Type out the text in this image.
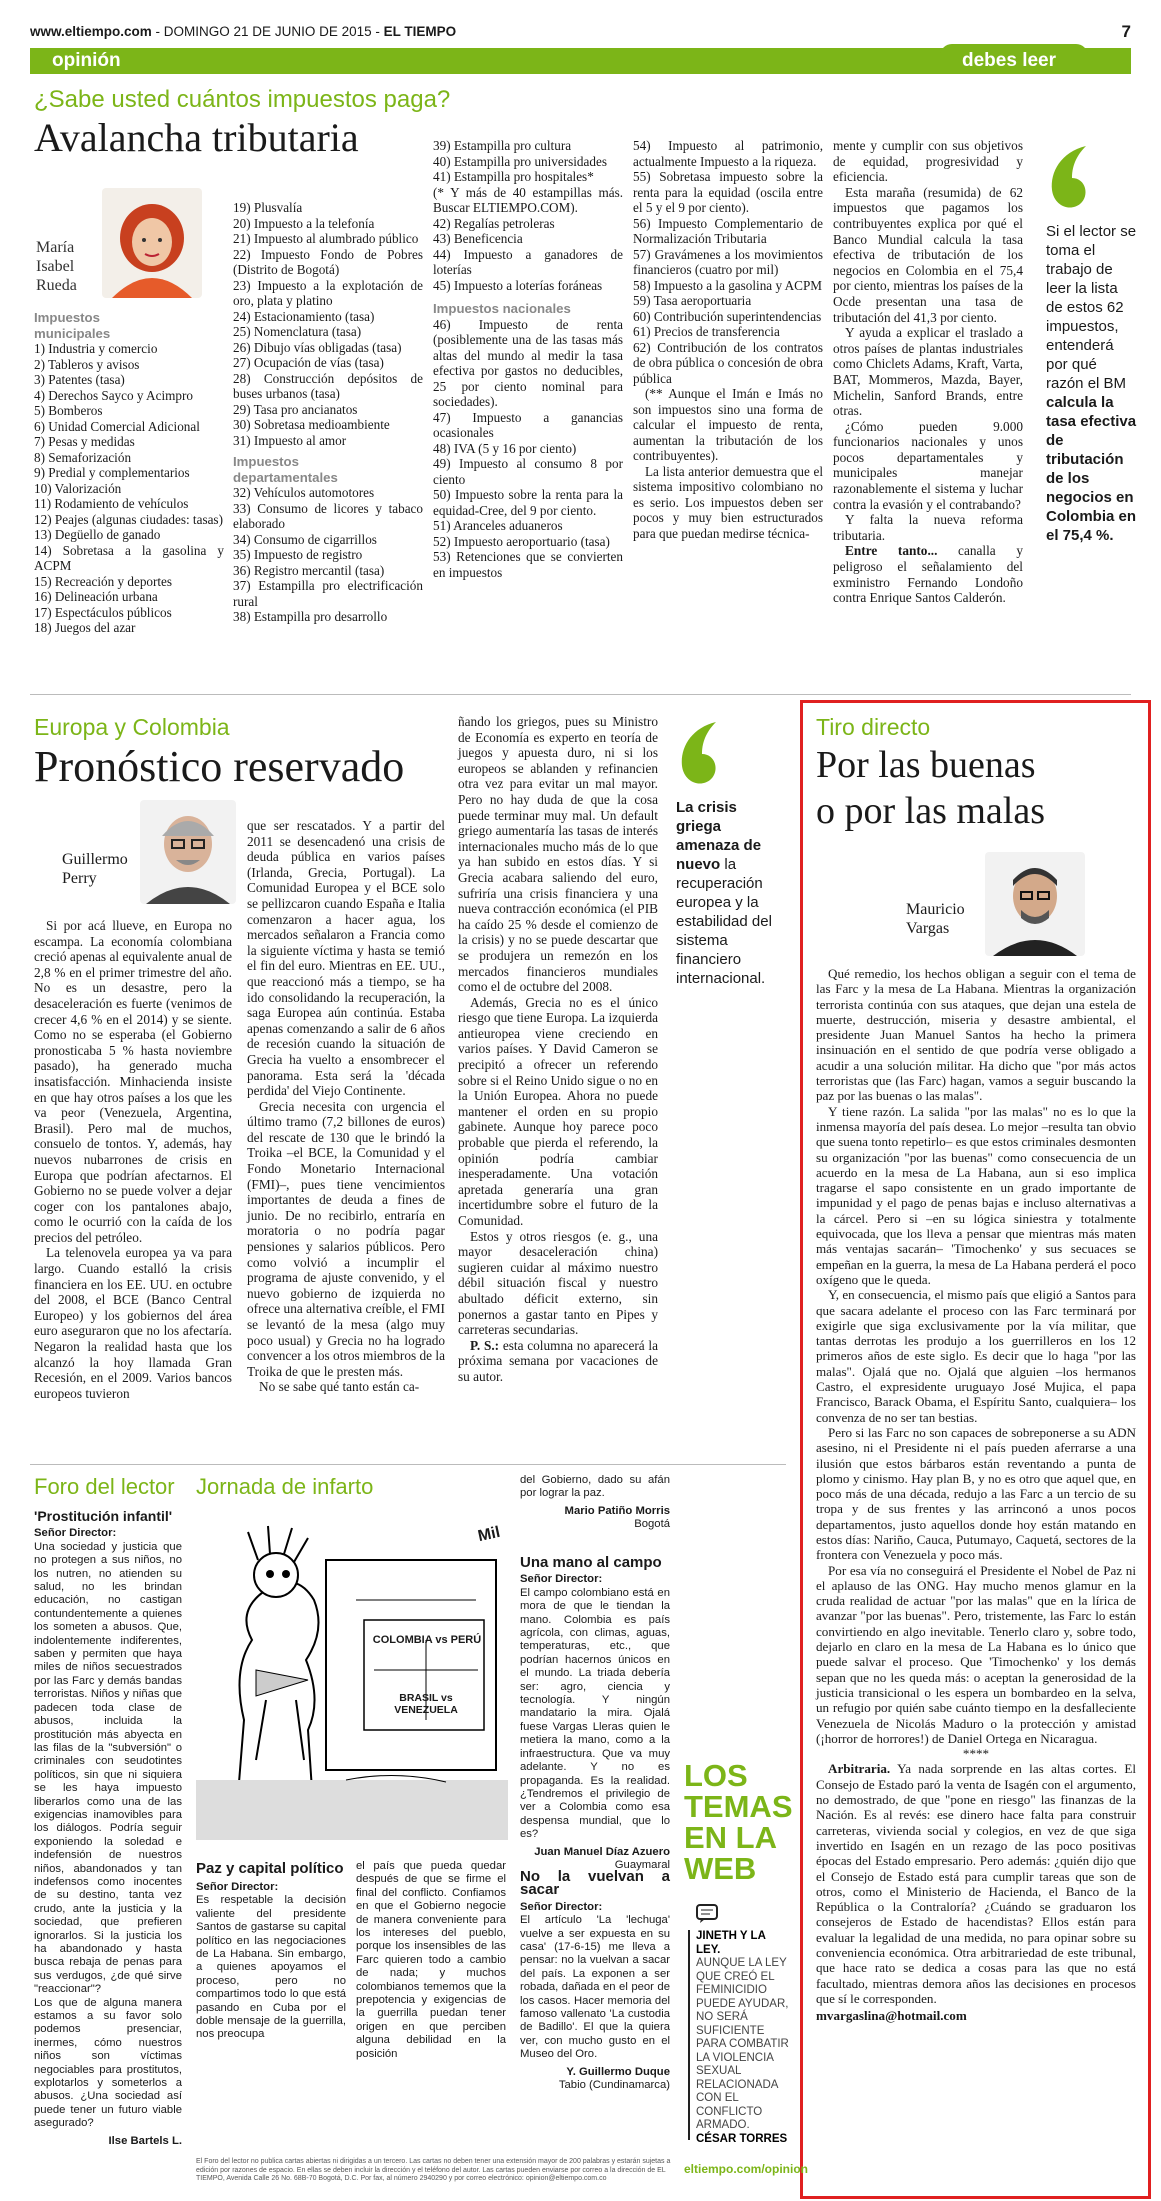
www.eltiempo.com - DOMINGO 21 DE JUNIO DE 2015 - EL TIEMPO	7
opinión	debes leer
¿Sabe usted cuántos impuestos paga?
Avalancha tributaria
María
Isabel
Rueda
Impuestos
municipales
1) Industria y comercio
2) Tableros y avisos
3) Patentes (tasa)
4) Derechos Sayco y Acimpro
5) Bomberos
6) Unidad Comercial Adicional
7) Pesas y medidas
8) Semaforización
9) Predial y complementarios
10) Valorización
11) Rodamiento de vehículos
12) Peajes (algunas ciudades: tasas)
13) Degüello de ganado
14) Sobretasa a la gasolina y ACPM
15) Recreación y deportes
16) Delineación urbana
17) Espectáculos públicos
18) Juegos del azar
19) Plusvalía
20) Impuesto a la telefonía
21) Impuesto al alumbrado público
22) Impuesto Fondo de Pobres (Distrito de Bogotá)
23) Impuesto a la explotación de oro, plata y platino
24) Estacionamiento (tasa)
25) Nomenclatura (tasa)
26) Dibujo vías obligadas (tasa)
27) Ocupación de vías (tasa)
28) Construcción depósitos de buses urbanos (tasa)
29) Tasa pro ancianatos
30) Sobretasa medioambiente
31) Impuesto al amor
Impuestos
departamentales
32) Vehículos automotores
33) Consumo de licores y tabaco elaborado
34) Consumo de cigarrillos
35) Impuesto de registro
36) Registro mercantil (tasa)
37) Estampilla pro electrificación rural
38) Estampilla pro desarrollo
39) Estampilla pro cultura
40) Estampilla pro universidades
41) Estampilla pro hospitales*
(* Y más de 40 estampillas más. Buscar ELTIEMPO.COM).
42) Regalías petroleras
43) Beneficencia
44) Impuesto a ganadores de loterías
45) Impuesto a loterías foráneas
Impuestos nacionales
46) Impuesto de renta (posiblemente una de las tasas más altas del mundo al medir la tasa efectiva por gastos no deducibles, 25 por ciento nominal para sociedades).
47) Impuesto a ganancias ocasionales
48) IVA (5 y 16 por ciento)
49) Impuesto al consumo 8 por ciento
50) Impuesto sobre la renta para la equidad-Cree, del 9 por ciento.
51) Aranceles aduaneros
52) Impuesto aeroportuario (tasa)
53) Retenciones que se convierten en impuestos
54) Impuesto al patrimonio, actualmente Impuesto a la riqueza.
55) Sobretasa impuesto sobre la renta para la equidad (oscila entre el 5 y el 9 por ciento).
56) Impuesto Complementario de Normalización Tributaria
57) Gravámenes a los movimientos financieros (cuatro por mil)
58) Impuesto a la gasolina y ACPM
59) Tasa aeroportuaria
60) Contribución superintendencias
61) Precios de transferencia
62) Contribución de los contratos de obra pública o concesión de obra pública
(** Aunque el Imán e Imás no son impuestos sino una forma de calcular el impuesto de renta, aumentan la tributación de los contribuyentes).
La lista anterior demuestra que el sistema impositivo colombiano no es serio. Los impuestos deben ser pocos y muy bien estructurados para que puedan medirse técnica-

mente y cumplir con sus objetivos de equidad, progresividad y eficiencia.

Esta maraña (resumida) de 62 impuestos que pagamos los contribuyentes explica por qué el Banco Mundial calcula la tasa efectiva de tributación de los negocios en Colombia en el 75,4 por ciento, mientras los países de la Ocde presentan una tasa de tributación del 41,3 por ciento.

Y ayuda a explicar el traslado a otros países de plantas industriales como Chiclets Adams, Kraft, Varta, BAT, Mommeros, Mazda, Bayer, Michelin, Sanford Brands, entre otras.

¿Cómo pueden 9.000 funcionarios nacionales y unos pocos departamentales y municipales manejar razonablemente el sistema y luchar contra la evasión y el contrabando?

Y falta la nueva reforma tributaria.

Entre tanto... canalla y peligroso el señalamiento del exministro Fernando Londoño contra Enrique Santos Calderón.

Si el lector se toma el trabajo de leer la lista de estos 62 impuestos, entenderá por qué razón el BM calcula la tasa efectiva de tributación de los negocios en Colombia en el 75,4 %.
Europa y Colombia
Pronóstico reservado
Guillermo
Perry

Si por acá llueve, en Europa no escampa. La economía colombiana creció apenas al equivalente anual de 2,8 % en el primer trimestre del año. No es un desastre, pero la desaceleración es fuerte (venimos de crecer 4,6 % en el 2014) y se siente. Como no se esperaba (el Gobierno pronosticaba 5 % hasta noviembre pasado), ha generado mucha insatisfacción. Minhacienda insiste en que hay otros países a los que les va peor (Venezuela, Argentina, Brasil). Pero mal de muchos, consuelo de tontos. Y, además, hay nuevos nubarrones de crisis en Europa que podrían afectarnos. El Gobierno no se puede volver a dejar coger con los pantalones abajo, como le ocurrió con la caída de los precios del petróleo.

La telenovela europea ya va para largo. Cuando estalló la crisis financiera en los EE. UU. en octubre del 2008, el BCE (Banco Central Europeo) y los gobiernos del área euro aseguraron que no los afectaría. Negaron la realidad hasta que los alcanzó la hoy llamada Gran Recesión, en el 2009. Varios bancos europeos tuvieron

que ser rescatados. Y a partir del 2011 se desencadenó una crisis de deuda pública en varios países (Irlanda, Grecia, Portugal). La Comunidad Europea y el BCE solo se pellizcaron cuando España e Italia comenzaron a hacer agua, los mercados señalaron a Francia como la siguiente víctima y hasta se temió el fin del euro. Mientras en EE. UU., que reaccionó más a tiempo, se ha ido consolidando la recuperación, la saga Europea aún continúa. Estaba apenas comenzando a salir de 6 años de recesión cuando la situación de Grecia ha vuelto a ensombrecer el panorama. Esta será la 'década perdida' del Viejo Continente.

Grecia necesita con urgencia el último tramo (7,2 billones de euros) del rescate de 130 que le brindó la Troika –el BCE, la Comunidad y el Fondo Monetario Internacional (FMI)–, pues tiene vencimientos importantes de deuda a fines de junio. De no recibirlo, entraría en moratoria o no podría pagar pensiones y salarios públicos. Pero como volvió a incumplir el programa de ajuste convenido, y el nuevo gobierno de izquierda no ofrece una alternativa creíble, el FMI se levantó de la mesa (algo muy poco usual) y Grecia no ha logrado convencer a los otros miembros de la Troika de que le presten más.

No se sabe qué tanto están ca-

ñando los griegos, pues su Ministro de Economía es experto en teoría de juegos y apuesta duro, ni si los europeos se ablanden y refinancien otra vez para evitar un mal mayor. Pero no hay duda de que la cosa puede terminar muy mal. Un default griego aumentaría las tasas de interés internacionales mucho más de lo que ya han subido en estos días. Y si Grecia acabara saliendo del euro, sufriría una crisis financiera y una nueva contracción económica (el PIB ha caído 25 % desde el comienzo de la crisis) y no se puede descartar que se produjera un remezón en los mercados financieros mundiales como el de octubre del 2008.

Además, Grecia no es el único riesgo que tiene Europa. La izquierda antieuropea viene creciendo en varios países. Y David Cameron se precipitó a ofrecer un referendo sobre si el Reino Unido sigue o no en la Unión Europea. Ahora no puede mantener el orden en su propio gabinete. Aunque hoy parece poco probable que pierda el referendo, la opinión podría cambiar inesperadamente. Una votación apretada generaría una gran incertidumbre sobre el futuro de la Comunidad.

Estos y otros riesgos (e. g., una mayor desaceleración china) sugieren cuidar al máximo nuestro débil situación fiscal y nuestro abultado déficit externo, sin ponernos a gastar tanto en Pipes y carreteras secundarias.

P. S.: esta columna no aparecerá la próxima semana por vacaciones de su autor.

La crisis griega amenaza de nuevo la recuperación europea y la estabilidad del sistema financiero internacional.
Tiro directo
Por las buenas
o por las malas
Mauricio
Vargas

Qué remedio, los hechos obligan a seguir con el tema de las Farc y la mesa de La Habana. Mientras la organización terrorista continúa con sus ataques, que dejan una estela de muerte, destrucción, miseria y desastre ambiental, el presidente Juan Manuel Santos ha hecho la primera insinuación en el sentido de que podría verse obligado a acudir a una solución militar. Ha dicho que "por más actos terroristas que (las Farc) hagan, vamos a seguir buscando la paz por las buenas o las malas".

Y tiene razón. La salida "por las malas" no es lo que la inmensa mayoría del país desea. Lo mejor –resulta tan obvio que suena tonto repetirlo– es que estos criminales desmonten su organización "por las buenas" como consecuencia de un acuerdo en la mesa de La Habana, aun si eso implica tragarse el sapo consistente en un grado importante de impunidad y el pago de penas bajas e incluso alternativas a la cárcel. Pero si –en su lógica siniestra y totalmente equivocada, que los lleva a pensar que mientras más maten más ventajas sacarán– 'Timochenko' y sus secuaces se empeñan en la guerra, la mesa de La Habana perderá el poco oxígeno que le queda.

Y, en consecuencia, el mismo país que eligió a Santos para que sacara adelante el proceso con las Farc terminará por exigirle que siga exclusivamente por la vía militar, que tantas derrotas les produjo a los guerrilleros en los 12 primeros años de este siglo. Es decir que lo haga "por las malas". Ojalá que no. Ojalá que alguien –los hermanos Castro, el expresidente uruguayo José Mujica, el papa Francisco, Barack Obama, el Espíritu Santo, cualquiera– los convenza de no ser tan bestias.

Pero si las Farc no son capaces de sobreponerse a su ADN asesino, ni el Presidente ni el país pueden aferrarse a una ilusión que estos bárbaros están reventando a punta de plomo y cinismo. Hay plan B, y no es otro que aquel que, en poco más de una década, redujo a las Farc a un tercio de su tropa y de sus frentes y las arrinconó a unos pocos departamentos, justo aquellos donde hoy están matando en estos días: Nariño, Cauca, Putumayo, Caquetá, sectores de la frontera con Venezuela y poco más.

Por esa vía no conseguirá el Presidente el Nobel de Paz ni el aplauso de las ONG. Hay mucho menos glamur en la cruda realidad de actuar "por las malas" que en la lírica de avanzar "por las buenas". Pero, tristemente, las Farc lo están convirtiendo en algo inevitable. Tenerlo claro y, sobre todo, dejarlo en claro en la mesa de La Habana es lo único que puede salvar el proceso. Que 'Timochenko' y los demás sepan que no les queda más: o aceptan la generosidad de la justicia transicional o les espera un bombardeo en la selva, un refugio por quién sabe cuánto tiempo en la desfalleciente Venezuela de Nicolás Maduro o la protección y amistad (¡horror de horrores!) de Daniel Ortega en Nicaragua.

****

Arbitraria. Ya nada sorprende en las altas cortes. El Consejo de Estado paró la venta de Isagén con el argumento, no demostrado, de que "pone en riesgo" las finanzas de la Nación. Es al revés: ese dinero hace falta para construir carreteras, vivienda social y colegios, en vez de que siga invertido en Isagén en un rezago de las poco positivas épocas del Estado empresario. Pero además: ¿quién dijo que el Consejo de Estado está para cumplir tareas que son de otros, como el Ministerio de Hacienda, el Banco de la República o la Contraloría? ¿Cuándo se graduaron los consejeros de Estado de hacendistas? Ellos están para evaluar la legalidad de una medida, no para opinar sobre su conveniencia económica. Otra arbitrariedad de este tribunal, que hace rato se dedica a cosas para las que no está facultado, mientras demora años las decisiones en procesos que sí le corresponden.

mvargaslina@hotmail.com

Foro del lector
'Prostitución infantil'

Señor Director:

Una sociedad y justicia que no protegen a sus niños, no los nutren, no atienden su salud, no les brindan educación, no castigan contundentemente a quienes los someten a abusos. Que, indolentemente indiferentes, saben y permiten que haya miles de niños secuestrados por las Farc y demás bandas terroristas. Niños y niñas que padecen toda clase de abusos, incluida la prostitución más abyecta en las filas de la "subversión" o criminales con seudotintes políticos, sin que ni siquiera se les haya impuesto liberarlos como una de las exigencias inamovibles para los diálogos. Podría seguir exponiendo la soledad e indefensión de nuestros niños, abandonados y tan indefensos como inocentes de su destino, tanta vez crudo, ante la justicia y la sociedad, que prefieren ignorarlos. Si la justicia los ha abandonado y hasta busca rebaja de penas para sus verdugos, ¿de qué sirve "reaccionar"?

Los que de alguna manera estamos a su favor solo podemos presenciar, inermes, cómo nuestros niños son víctimas negociables para prostitutos, explotarlos y someterlos a abusos. ¿Una sociedad así puede tener un futuro viable asegurado?

Ilse Bartels L.

Jornada de infarto
Mil
COLOMBIA vs PERÚ
BRASIL vs VENEZUELA
Paz y capital político

Señor Director:

Es respetable la decisión valiente del presidente Santos de gastarse su capital político en las negociaciones de La Habana. Sin embargo, a quienes apoyamos el proceso, pero no compartimos todo lo que está pasando en Cuba por el doble mensaje de la guerrilla, nos preocupa

el país que pueda quedar después de que se firme el final del conflicto. Confiamos en que el Gobierno negocie de manera conveniente para los intereses del pueblo, porque los insensibles de las Farc quieren todo a cambio de nada; y muchos colombianos tememos que la prepotencia y exigencias de la guerrilla puedan tener origen en que perciben alguna debilidad en la posición

del Gobierno, dado su afán por lograr la paz.

Mario Patiño Morris

Bogotá

Una mano al campo

Señor Director:

El campo colombiano está en mora de que le tiendan la mano. Colombia es país agrícola, con climas, aguas, temperaturas, etc., que podrían hacernos únicos en el mundo. La triada debería ser: agro, ciencia y tecnología. Y ningún mandatario la mira. Ojalá fuese Vargas Lleras quien le metiera la mano, como a la infraestructura. Que va muy adelante. Y no es propaganda. Es la realidad. ¿Tendremos el privilegio de ver a Colombia como esa despensa mundial, que lo es?

Juan Manuel Díaz Azuero

Guaymaral

No la vuelvan a sacar

Señor Director:

El artículo 'La 'lechuga' vuelve a ser expuesta en su casa' (17-6-15) me lleva a pensar: no la vuelvan a sacar del país. La exponen a ser robada, dañada en el peor de los casos. Hacer memoria del famoso vallenato 'La custodia de Badillo'. El que la quiera ver, con mucho gusto en el Museo del Oro.

Y. Guillermo Duque

Tabio (Cundinamarca)

El Foro del lector no publica cartas abiertas ni dirigidas a un tercero. Las cartas no deben tener una extensión mayor de 200 palabras y estarán sujetas a edición por razones de espacio. En ellas se deben incluir la dirección y el teléfono del autor. Las cartas pueden enviarse por correo a la dirección de EL TIEMPO, Avenida Calle 26 No. 68B-70 Bogotá, D.C. Por fax, al número 2940290 y por correo electrónico: opinion@eltiempo.com.co
LOS
TEMAS
EN LA
WEB
JINETH Y LA LEY.
AUNQUE LA LEY QUE CREÓ EL FEMINICIDIO PUEDE AYUDAR, NO SERÁ SUFICIENTE PARA COMBATIR LA VIOLENCIA SEXUAL RELACIONADA CON EL CONFLICTO ARMADO.
CÉSAR TORRES
eltiempo.com/opinion
